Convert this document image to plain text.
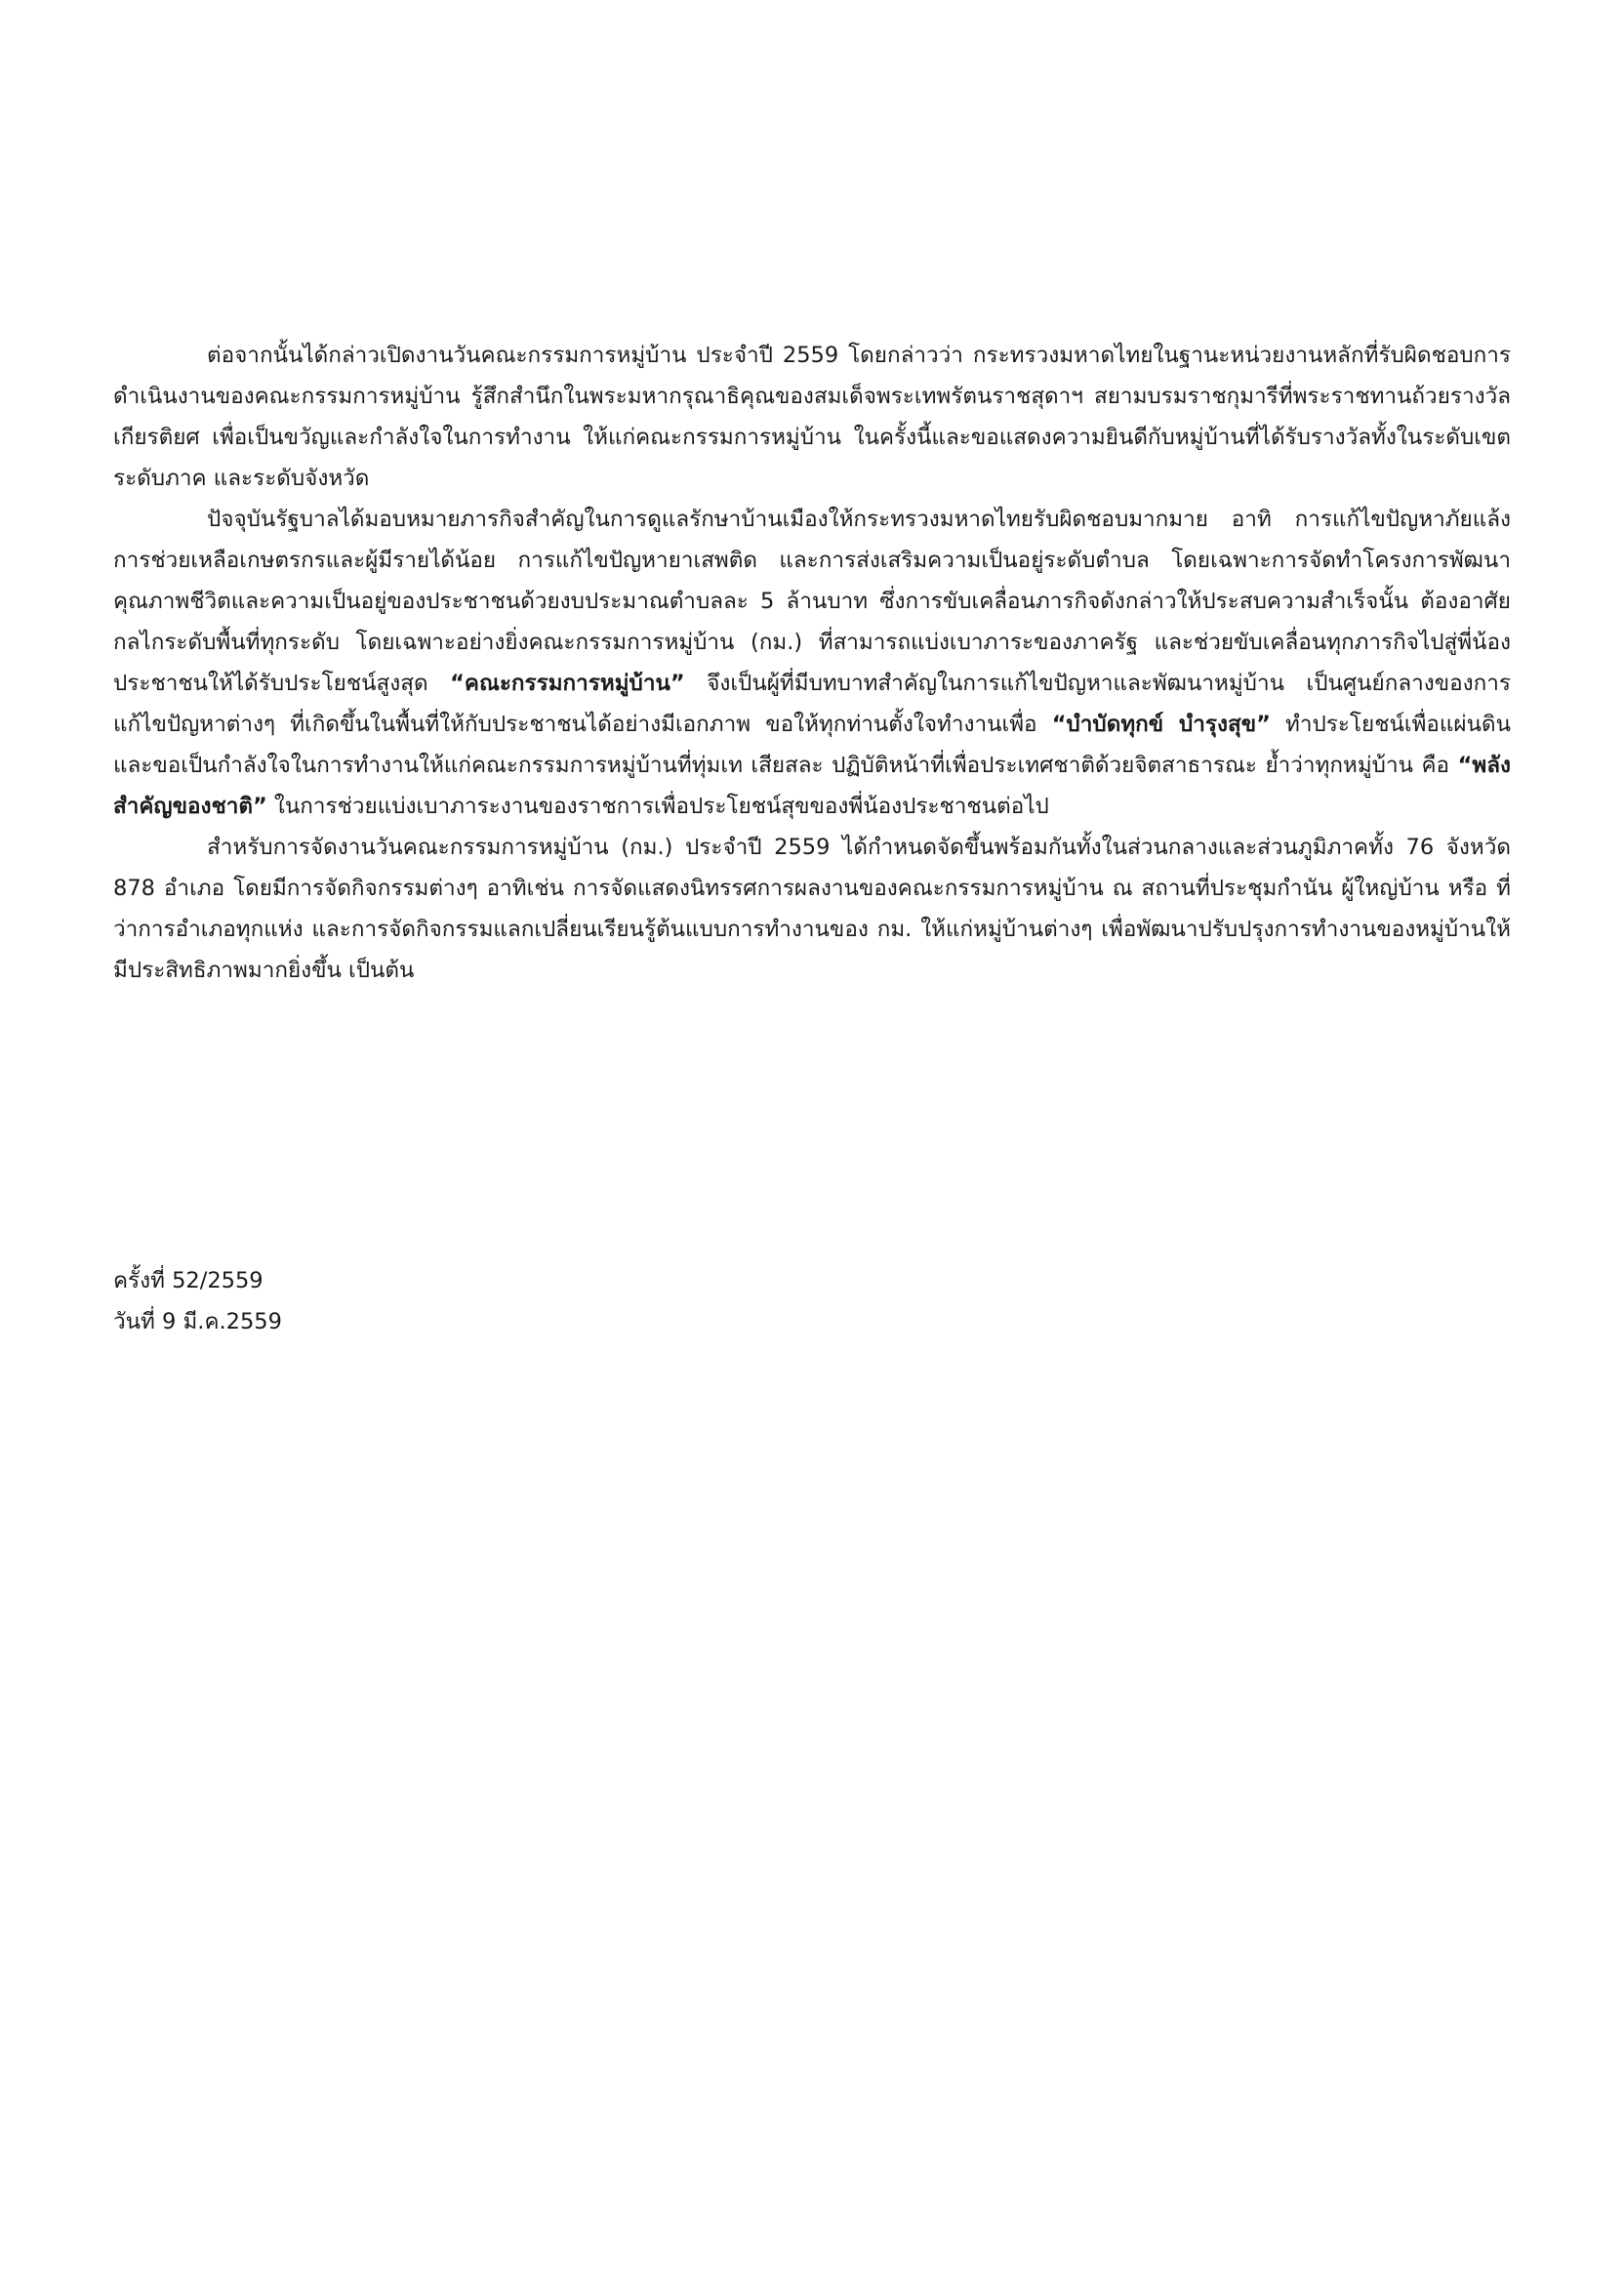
ต่อจากนั้นได้กล่าวเปิดงานวันคณะกรรมการหมู่บ้าน ประจำปี 2559 โดยกล่าวว่า กระทรวงมหาดไทยในฐานะหน่วยงานหลักที่รับผิดชอบการดำเนินงานของคณะกรรมการหมู่บ้าน รู้สึกสำนึกในพระมหากรุณาธิคุณของสมเด็จพระเทพรัตนราชสุดาฯ สยามบรมราชกุมารีที่พระราชทานถ้วยรางวัลเกียรติยศ เพื่อเป็นขวัญและกำลังใจในการทำงาน ให้แก่คณะกรรมการหมู่บ้าน ในครั้งนี้และขอแสดงความยินดีกับหมู่บ้านที่ได้รับรางวัลทั้งในระดับเขต ระดับภาค และระดับจังหวัด

ปัจจุบันรัฐบาลได้มอบหมายภารกิจสำคัญในการดูแลรักษาบ้านเมืองให้กระทรวงมหาดไทยรับผิดชอบมากมาย อาทิ การแก้ไขปัญหาภัยแล้ง การช่วยเหลือเกษตรกรและผู้มีรายได้น้อย การแก้ไขปัญหายาเสพติด และการส่งเสริมความเป็นอยู่ระดับตำบล โดยเฉพาะการจัดทำโครงการพัฒนาคุณภาพชีวิตและความเป็นอยู่ของประชาชนด้วยงบประมาณตำบลละ 5 ล้านบาท ซึ่งการขับเคลื่อนภารกิจดังกล่าวให้ประสบความสำเร็จนั้น ต้องอาศัยกลไกระดับพื้นที่ทุกระดับ โดยเฉพาะอย่างยิ่งคณะกรรมการหมู่บ้าน (กม.) ที่สามารถแบ่งเบาภาระของภาครัฐ และช่วยขับเคลื่อนทุกภารกิจไปสู่พี่น้องประชาชนให้ได้รับประโยชน์สูงสุด “คณะกรรมการหมู่บ้าน” จึงเป็นผู้ที่มีบทบาทสำคัญในการแก้ไขปัญหาและพัฒนาหมู่บ้าน เป็นศูนย์กลางของการแก้ไขปัญหาต่างๆ ที่เกิดขึ้นในพื้นที่ให้กับประชาชนได้อย่างมีเอกภาพ ขอให้ทุกท่านตั้งใจทำงานเพื่อ “บำบัดทุกข์ บำรุงสุข” ทำประโยชน์เพื่อแผ่นดิน และขอเป็นกำลังใจในการทำงานให้แก่คณะกรรมการหมู่บ้านที่ทุ่มเท เสียสละ ปฏิบัติหน้าที่เพื่อประเทศชาติด้วยจิตสาธารณะ ย้ำว่าทุกหมู่บ้าน คือ “พลังสำคัญของชาติ” ในการช่วยแบ่งเบาภาระงานของราชการเพื่อประโยชน์สุขของพี่น้องประชาชนต่อไป

สำหรับการจัดงานวันคณะกรรมการหมู่บ้าน (กม.) ประจำปี 2559 ได้กำหนดจัดขึ้นพร้อมกันทั้งในส่วนกลางและส่วนภูมิภาคทั้ง 76 จังหวัด 878 อำเภอ โดยมีการจัดกิจกรรมต่างๆ อาทิเช่น การจัดแสดงนิทรรศการผลงานของคณะกรรมการหมู่บ้าน ณ สถานที่ประชุมกำนัน ผู้ใหญ่บ้าน หรือ ที่ว่าการอำเภอทุกแห่ง และการจัดกิจกรรมแลกเปลี่ยนเรียนรู้ต้นแบบการทำงานของ กม. ให้แก่หมู่บ้านต่างๆ เพื่อพัฒนาปรับปรุงการทำงานของหมู่บ้านให้มีประสิทธิภาพมากยิ่งขึ้น เป็นต้น

ครั้งที่ 52/2559
วันที่ 9 มี.ค.2559
